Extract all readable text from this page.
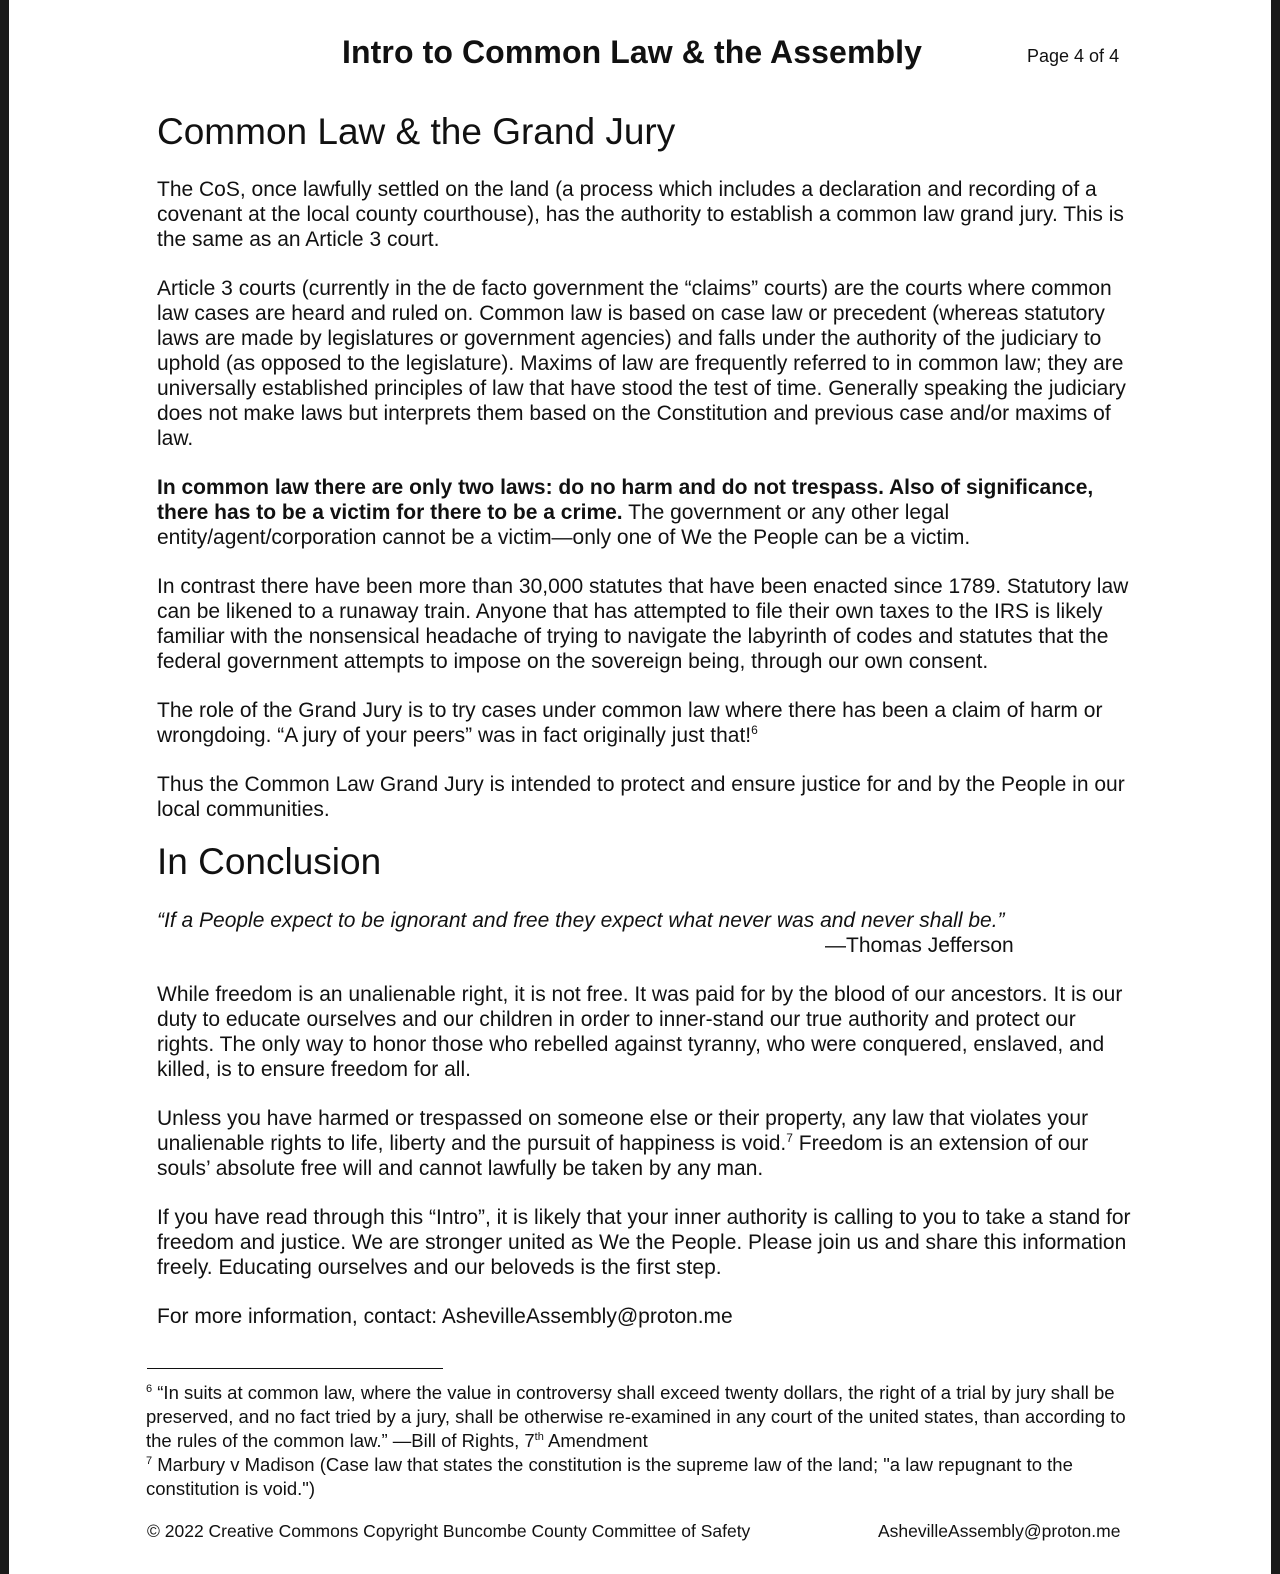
Intro to Common Law & the Assembly	Page 4 of 4
Common Law & the Grand Jury

The CoS, once lawfully settled on the land (a process which includes a declaration and recording of a covenant at the local county courthouse), has the authority to establish a common law grand jury. This is the same as an Article 3 court.

Article 3 courts (currently in the de facto government the “claims” courts) are the courts where common law cases are heard and ruled on. Common law is based on case law or precedent (whereas statutory laws are made by legislatures or government agencies) and falls under the authority of the judiciary to uphold (as opposed to the legislature). Maxims of law are frequently referred to in common law; they are universally established principles of law that have stood the test of time. Generally speaking the judiciary does not make laws but interprets them based on the Constitution and previous case and/or maxims of law.

In common law there are only two laws: do no harm and do not trespass. Also of significance, there has to be a victim for there to be a crime. The government or any other legal entity/agent/corporation cannot be a victim—only one of We the People can be a victim.

In contrast there have been more than 30,000 statutes that have been enacted since 1789. Statutory law can be likened to a runaway train. Anyone that has attempted to file their own taxes to the IRS is likely familiar with the nonsensical headache of trying to navigate the labyrinth of codes and statutes that the federal government attempts to impose on the sovereign being, through our own consent.

The role of the Grand Jury is to try cases under common law where there has been a claim of harm or wrongdoing. “A jury of your peers” was in fact originally just that!$^6$

Thus the Common Law Grand Jury is intended to protect and ensure justice for and by the People in our local communities.

In Conclusion

“If a People expect to be ignorant and free they expect what never was and never shall be.”

—Thomas Jefferson

While freedom is an unalienable right, it is not free. It was paid for by the blood of our ancestors. It is our duty to educate ourselves and our children in order to inner-stand our true authority and protect our rights. The only way to honor those who rebelled against tyranny, who were conquered, enslaved, and killed, is to ensure freedom for all.

Unless you have harmed or trespassed on someone else or their property, any law that violates your unalienable rights to life, liberty and the pursuit of happiness is void.$^7$ Freedom is an extension of our souls’ absolute free will and cannot lawfully be taken by any man.

If you have read through this “Intro”, it is likely that your inner authority is calling to you to take a stand for freedom and justice. We are stronger united as We the People. Please join us and share this information freely. Educating ourselves and our beloveds is the first step.

For more information, contact: AshevilleAssembly@proton.me

$^6$ “In suits at common law, where the value in controversy shall exceed twenty dollars, the right of a trial by jury shall be preserved, and no fact tried by a jury, shall be otherwise re-examined in any court of the united states, than according to the rules of the common law.” —Bill of Rights, 7th Amendment

$^7$ Marbury v Madison (Case law that states the constitution is the supreme law of the land; "a law repugnant to the constitution is void.")

© 2022 Creative Commons Copyright Buncombe County Committee of Safety	AshevilleAssembly@proton.me
